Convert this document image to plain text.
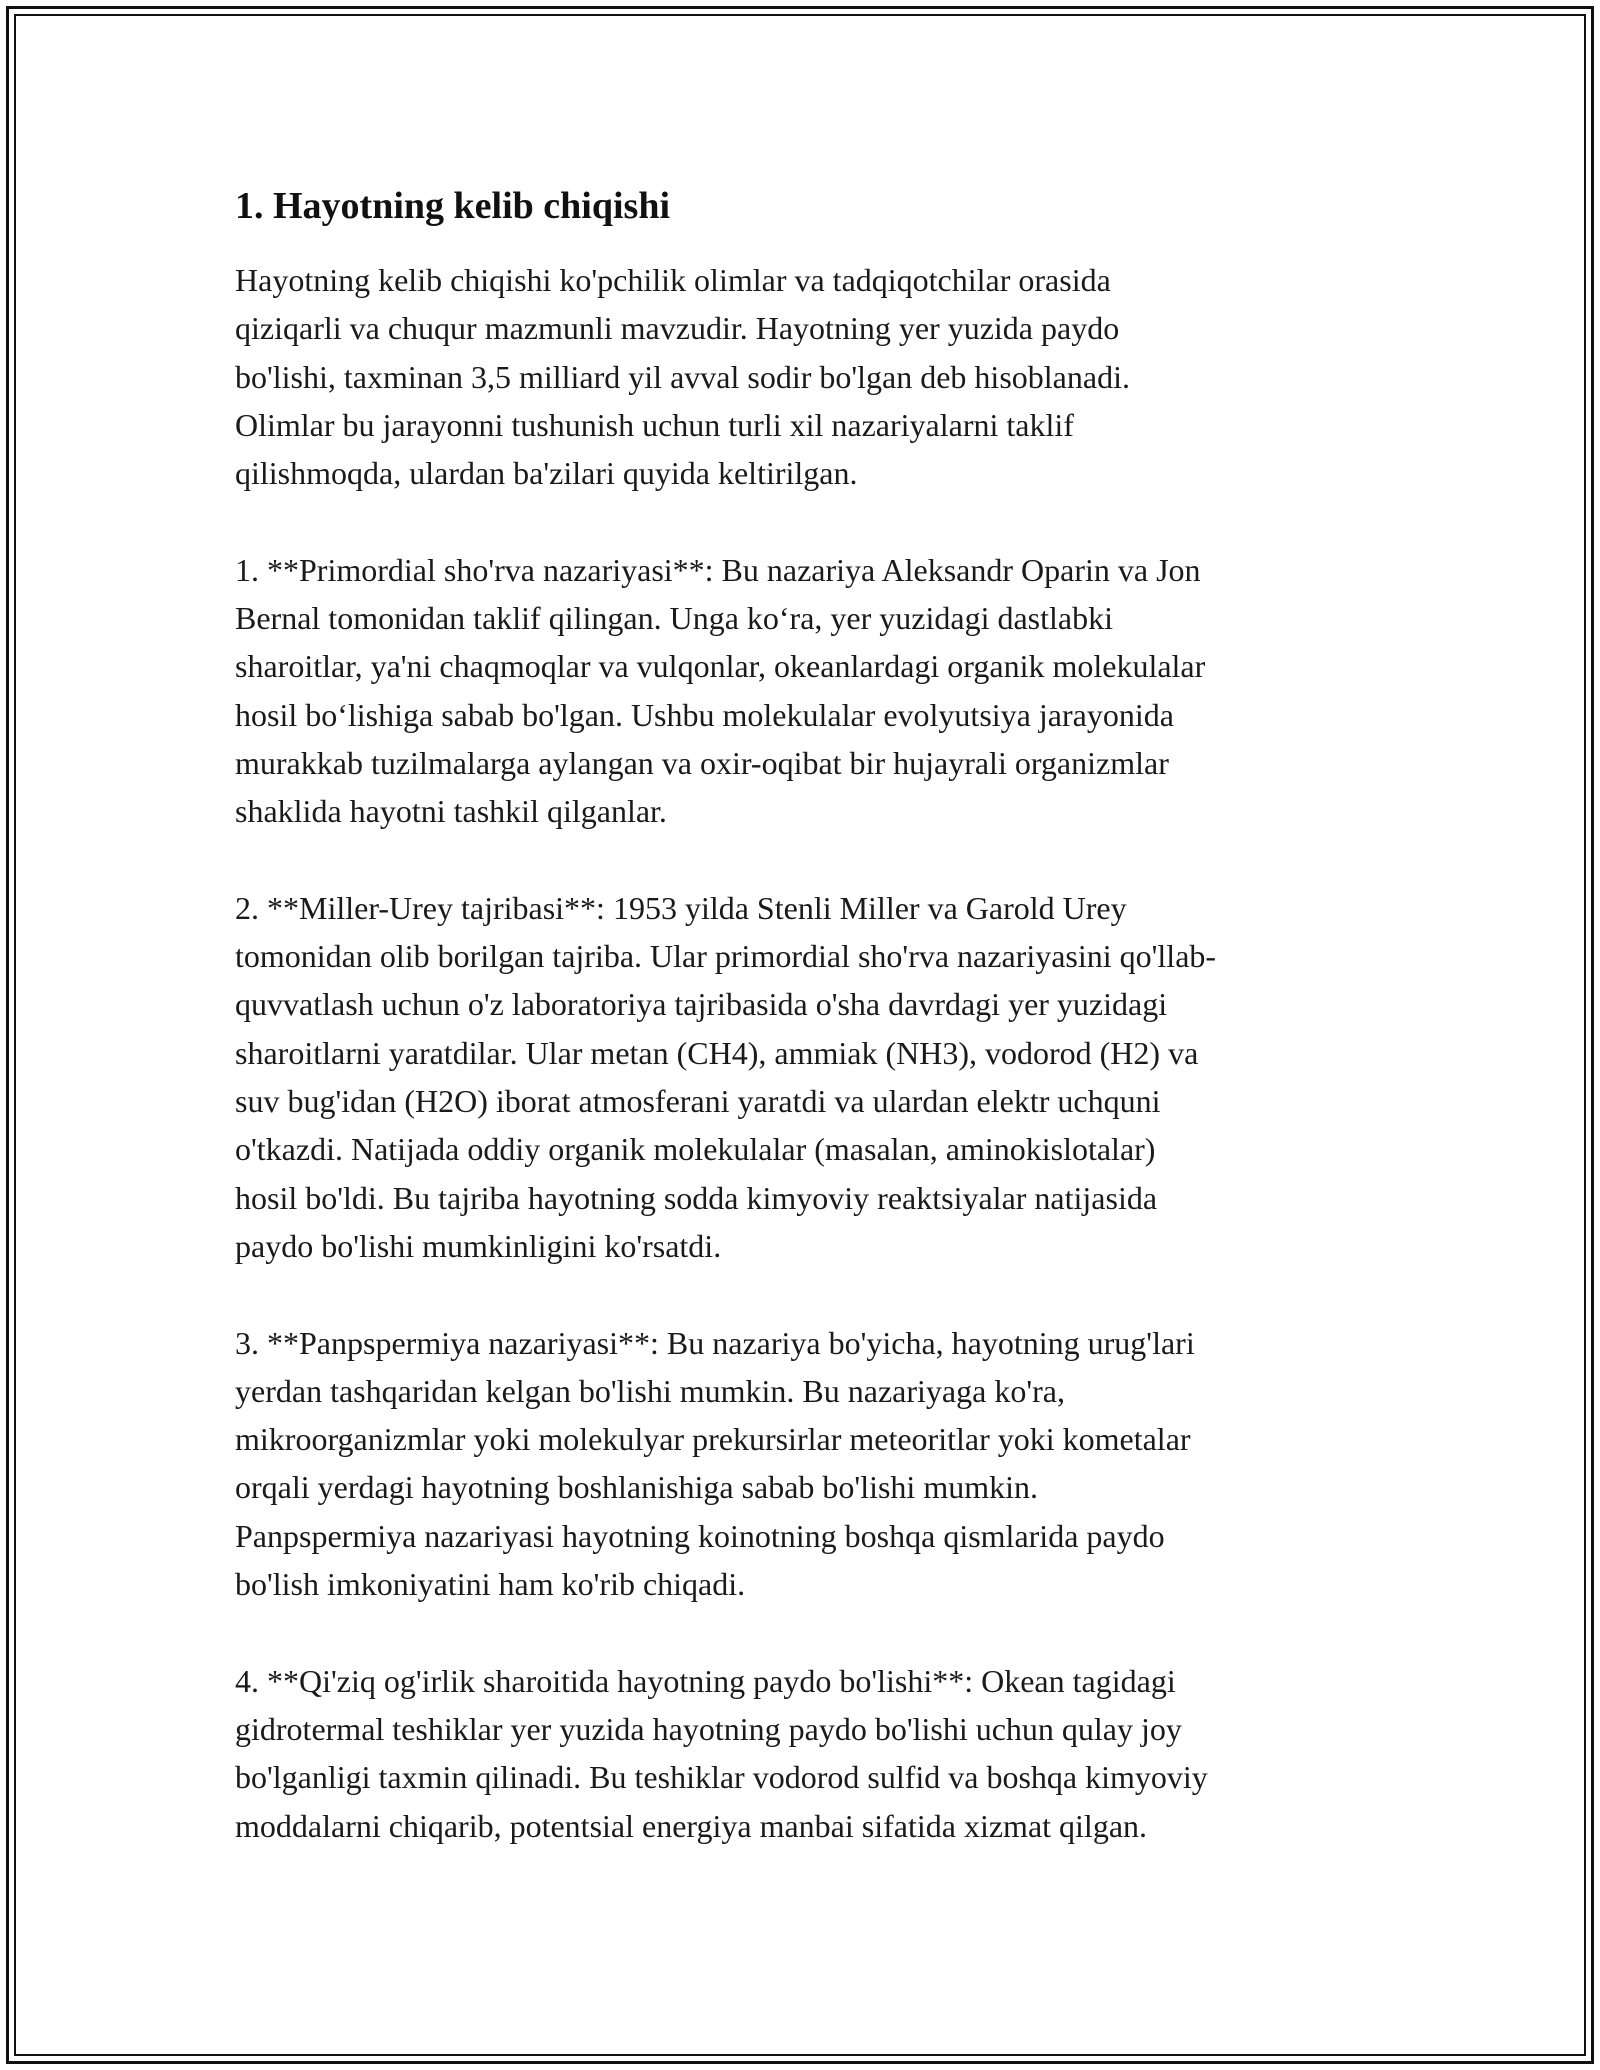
1. Hayotning kelib chiqishi

Hayotning kelib chiqishi ko'pchilik olimlar va tadqiqotchilar orasida
qiziqarli va chuqur mazmunli mavzudir. Hayotning yer yuzida paydo
bo'lishi, taxminan 3,5 milliard yil avval sodir bo'lgan deb hisoblanadi.
Olimlar bu jarayonni tushunish uchun turli xil nazariyalarni taklif
qilishmoqda, ulardan ba'zilari quyida keltirilgan.

1. **Primordial sho'rva nazariyasi**: Bu nazariya Aleksandr Oparin va Jon
Bernal tomonidan taklif qilingan. Unga ko‘ra, yer yuzidagi dastlabki
sharoitlar, ya'ni chaqmoqlar va vulqonlar, okeanlardagi organik molekulalar
hosil bo‘lishiga sabab bo'lgan. Ushbu molekulalar evolyutsiya jarayonida
murakkab tuzilmalarga aylangan va oxir-oqibat bir hujayrali organizmlar
shaklida hayotni tashkil qilganlar.

2. **Miller-Urey tajribasi**: 1953 yilda Stenli Miller va Garold Urey
tomonidan olib borilgan tajriba. Ular primordial sho'rva nazariyasini qo'llab-
quvvatlash uchun o'z laboratoriya tajribasida o'sha davrdagi yer yuzidagi
sharoitlarni yaratdilar. Ular metan (CH4), ammiak (NH3), vodorod (H2) va
suv bug'idan (H2O) iborat atmosferani yaratdi va ulardan elektr uchquni
o'tkazdi. Natijada oddiy organik molekulalar (masalan, aminokislotalar)
hosil bo'ldi. Bu tajriba hayotning sodda kimyoviy reaktsiyalar natijasida
paydo bo'lishi mumkinligini ko'rsatdi.

3. **Panpspermiya nazariyasi**: Bu nazariya bo'yicha, hayotning urug'lari
yerdan tashqaridan kelgan bo'lishi mumkin. Bu nazariyaga ko'ra,
mikroorganizmlar yoki molekulyar prekursirlar meteoritlar yoki kometalar
orqali yerdagi hayotning boshlanishiga sabab bo'lishi mumkin.
Panpspermiya nazariyasi hayotning koinotning boshqa qismlarida paydo
bo'lish imkoniyatini ham ko'rib chiqadi.

4. **Qi'ziq og'irlik sharoitida hayotning paydo bo'lishi**: Okean tagidagi
gidrotermal teshiklar yer yuzida hayotning paydo bo'lishi uchun qulay joy
bo'lganligi taxmin qilinadi. Bu teshiklar vodorod sulfid va boshqa kimyoviy
moddalarni chiqarib, potentsial energiya manbai sifatida xizmat qilgan.
